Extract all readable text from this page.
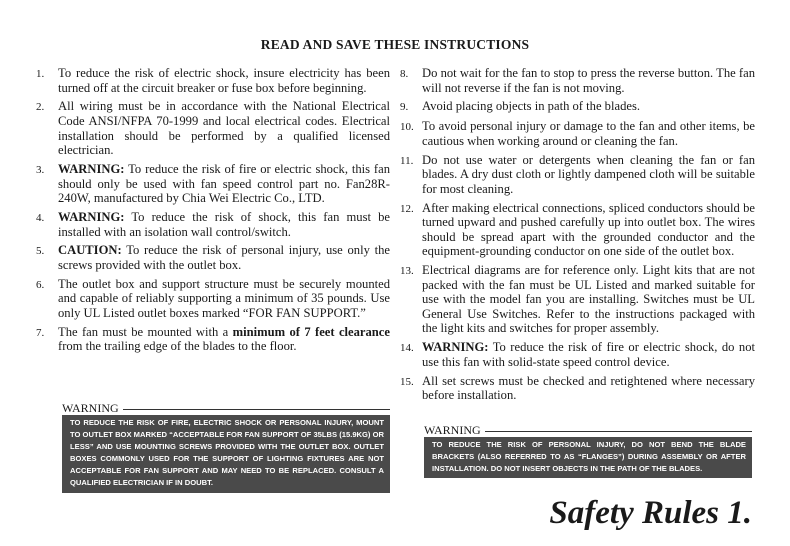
READ AND SAVE THESE INSTRUCTIONS
1.	To reduce the risk of electric shock, insure electricity has been turned off at the circuit breaker or fuse box before beginning.
2.	All wiring must be in accordance with the National Electrical Code ANSI/NFPA 70-1999 and local electrical codes. Electrical installation should be performed by a qualified licensed electrician.
3.	WARNING: To reduce the risk of fire or electric shock, this fan should only be used with fan speed control part no. Fan28R-240W, manufactured by Chia Wei Electric Co., LTD.
4.	WARNING: To reduce the risk of shock, this fan must be installed with an isolation wall control/switch.
5.	CAUTION: To reduce the risk of personal injury, use only the screws provided with the outlet box.
6.	The outlet box and support structure must be securely mounted and capable of reliably supporting a minimum of 35 pounds. Use only UL Listed outlet boxes marked “FOR FAN SUPPORT.”
7.	The fan must be mounted with a minimum of 7 feet clearance from the trailing edge of the blades to the floor.
8.	Do not wait for the fan to stop to press the reverse button. The fan will not reverse if the fan is not moving.
9.	Avoid placing objects in path of the blades.
10. To avoid personal injury or damage to the fan and other items, be cautious when working around or cleaning the fan.
11. Do not use water or detergents when cleaning the fan or fan blades. A dry dust cloth or lightly dampened cloth will be suitable for most cleaning.
12. After making electrical connections, spliced conductors should be turned upward and pushed carefully up into outlet box. The wires should be spread apart with the grounded conductor and the equipment-grounding conductor on one side of the outlet box.
13. Electrical diagrams are for reference only. Light kits that are not packed with the fan must be UL Listed and marked suitable for use with the model fan you are installing. Switches must be UL General Use Switches. Refer to the instructions packaged with the light kits and switches for proper assembly.
14. WARNING: To reduce the risk of fire or electric shock, do not use this fan with solid-state speed control device.
15. All set screws must be checked and retightened where necessary before installation.
WARNING
TO REDUCE THE RISK OF FIRE, ELECTRIC SHOCK OR PERSONAL INJURY, MOUNT TO OUTLET BOX MARKED “ACCEPTABLE FOR FAN SUPPORT OF 35LBS (15.9KG) OR LESS” AND USE MOUNTING SCREWS PROVIDED WITH THE OUTLET BOX. OUTLET BOXES COMMONLY USED FOR THE SUPPORT OF LIGHTING FIXTURES ARE NOT ACCEPTABLE FOR FAN SUPPORT AND MAY NEED TO BE REPLACED. CONSULT A QUALIFIED ELECTRICIAN IF IN DOUBT.
WARNING
TO REDUCE THE RISK OF PERSONAL INJURY, DO NOT BEND THE BLADE BRACKETS (ALSO REFERRED TO AS “FLANGES”) DURING ASSEMBLY OR AFTER INSTALLATION. DO NOT INSERT OBJECTS IN THE PATH OF THE BLADES.
Safety Rules 1.
